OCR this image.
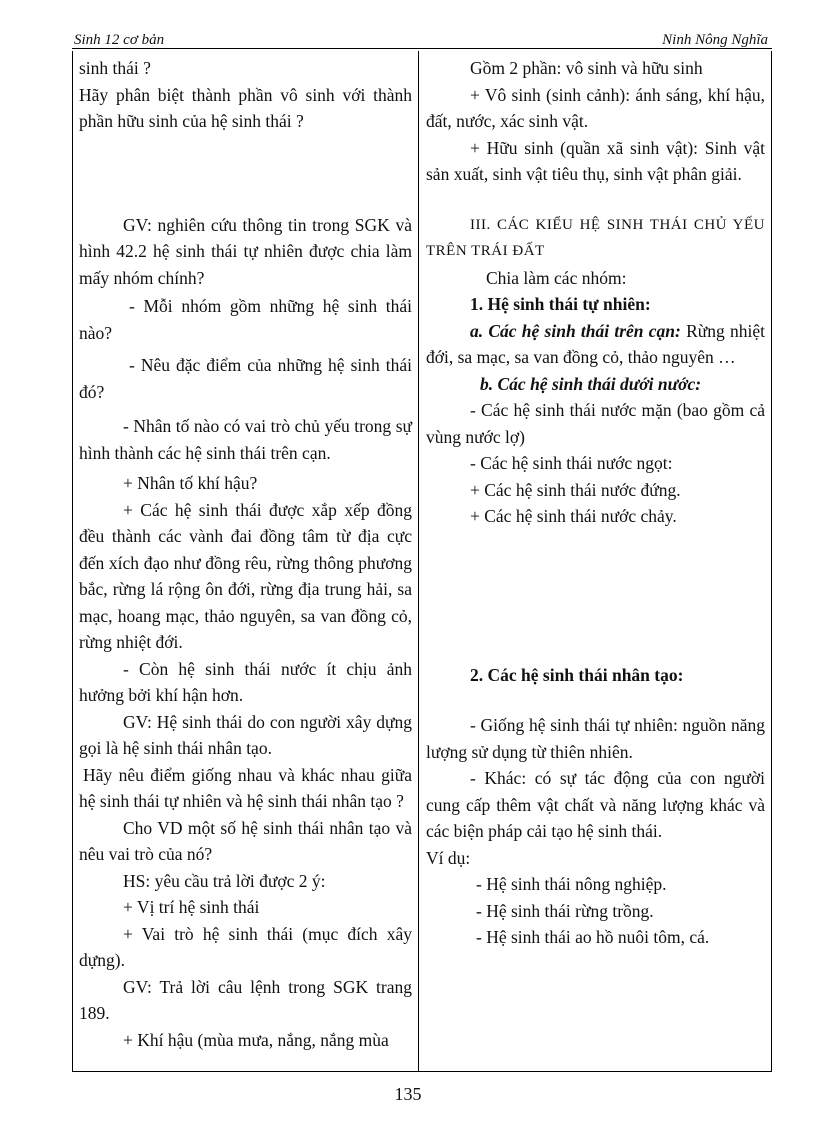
Sinh 12 cơ bản	Ninh Nông Nghĩa

sinh thái ?

Hãy phân biệt thành phần vô sinh với thành phần hữu sinh của hệ sinh thái ?

GV: nghiên cứu thông tin trong SGK và hình 42.2 hệ sinh thái tự nhiên được chia làm mấy nhóm chính?

- Mỗi nhóm gồm những hệ sinh thái nào?

- Nêu đặc điểm của những hệ sinh thái đó?

- Nhân tố nào có vai trò chủ yếu trong sự hình thành các hệ sinh thái trên cạn.

+ Nhân tố khí hậu?

+ Các hệ sinh thái được xắp xếp đồng đều thành các vành đai đồng tâm từ địa cực đến xích đạo như đồng rêu, rừng thông phương bắc, rừng lá rộng ôn đới, rừng địa trung hải, sa mạc, hoang mạc, thảo nguyên, sa van đồng cỏ, rừng nhiệt đới.

- Còn hệ sinh thái nước ít chịu ảnh hưởng bởi khí hận hơn.

GV: Hệ sinh thái do con người xây dựng gọi là hệ sinh thái nhân tạo.

Hãy nêu điểm giống nhau và khác nhau giữa hệ sinh thái tự nhiên và hệ sinh thái nhân tạo ?

Cho VD một số hệ sinh thái nhân tạo và nêu vai trò của nó?

HS: yêu cầu trả lời được 2 ý:

+ Vị trí hệ sinh thái

+ Vai trò hệ sinh thái (mục đích xây dựng).

GV: Trả lời câu lệnh trong SGK trang 189.

+ Khí hậu (mùa mưa, nắng, nắng mùa

Gồm 2 phần: vô sinh và hữu sinh

+ Vô sinh (sinh cảnh): ánh sáng, khí hậu, đất, nước, xác sinh vật.

+ Hữu sinh (quần xã sinh vật): Sinh vật sản xuất, sinh vật tiêu thụ, sinh vật phân giải.

III. CÁC KIỂU HỆ SINH THÁI CHỦ YẾU TRÊN TRÁI ĐẤT

Chia làm các nhóm:

1. Hệ sinh thái tự nhiên:

a. Các hệ sinh thái trên cạn: Rừng nhiệt đới, sa mạc, sa van đồng cỏ, thảo nguyên …

b. Các hệ sinh thái dưới nước:

- Các hệ sinh thái nước mặn (bao gồm cả vùng nước lợ)

- Các hệ sinh thái nước ngọt:

+ Các hệ sinh thái nước đứng.

+ Các hệ sinh thái nước chảy.

2. Các hệ sinh thái nhân tạo:

- Giống hệ sinh thái tự nhiên: nguồn năng lượng sử dụng từ thiên nhiên.

- Khác: có sự tác động của con người cung cấp thêm vật chất và năng lượng khác và các biện pháp cải tạo hệ sinh thái.

Ví dụ:

- Hệ sinh thái nông nghiệp.

- Hệ sinh thái rừng trồng.

- Hệ sinh thái ao hồ nuôi tôm, cá.

135
